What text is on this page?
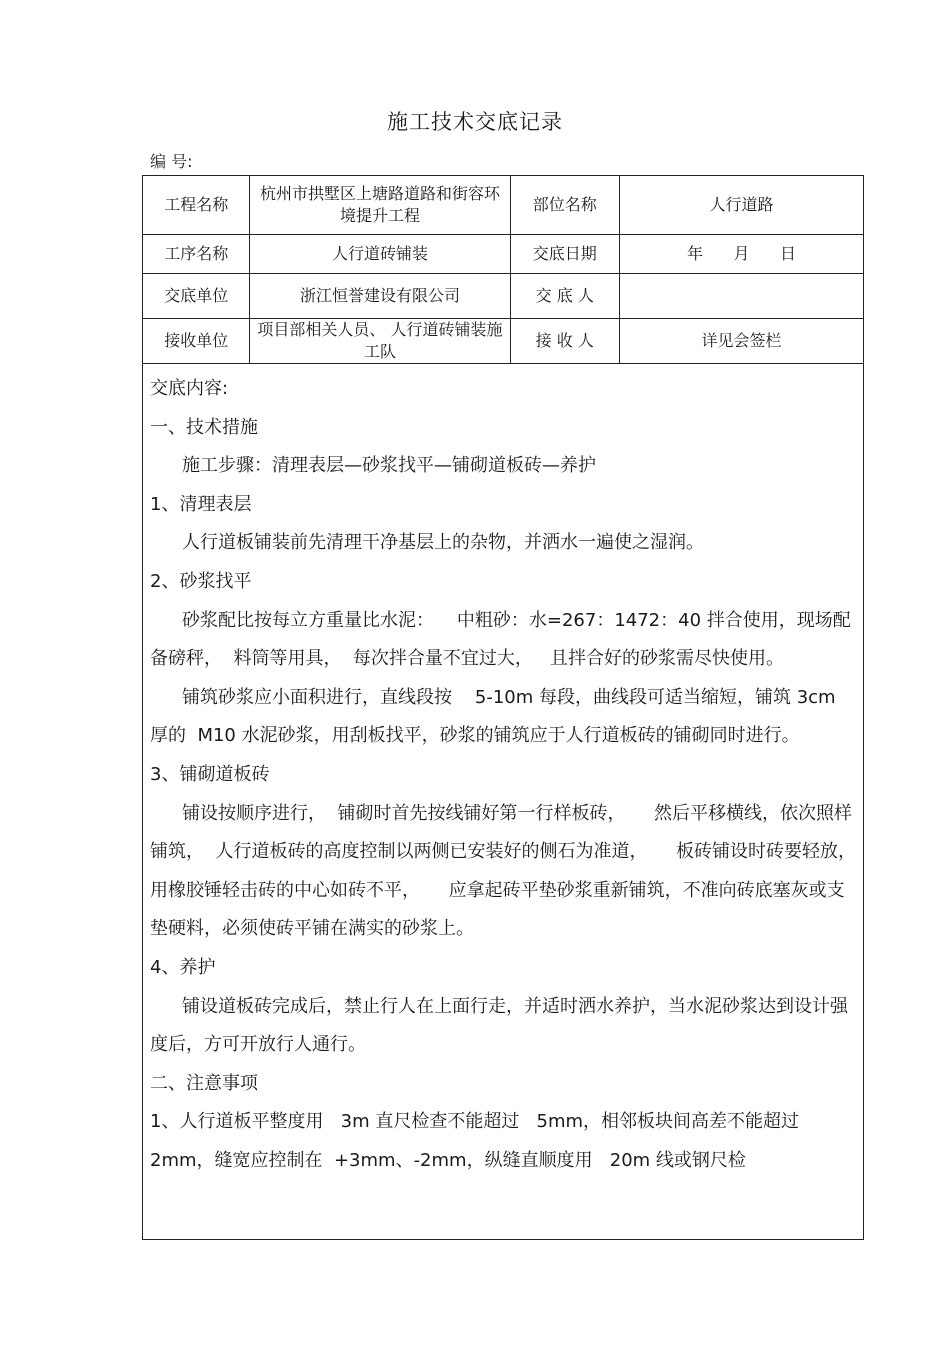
施工技术交底记录
编 号:
工程名称	杭州市拱墅区上塘路道路和街容环境提升工程	部位名称	人行道路
工序名称	人行道砖铺装	交底日期	年      月      日
交底单位	浙江恒誉建设有限公司	交 底 人	
接收单位	项目部相关人员、 人行道砖铺装施工队	接 收 人	详见会签栏

交底内容:

一、技术措施

施工步骤：清理表层—砂浆找平—铺砌道板砖—养护

1、清理表层

人行道板铺装前先清理干净基层上的杂物，并洒水一遍使之湿润。

2、砂浆找平

砂浆配比按每立方重量比水泥：    中粗砂：水=267：1472：40 拌合使用，现场配备磅秤，  料筒等用具，  每次拌合量不宜过大，   且拌合好的砂浆需尽快使用。

铺筑砂浆应小面积进行，直线段按    5-10m 每段，曲线段可适当缩短，铺筑 3cm 厚的  M10 水泥砂浆，用刮板找平，砂浆的铺筑应于人行道板砖的铺砌同时进行。

3、铺砌道板砖

铺设按顺序进行，  铺砌时首先按线铺好第一行样板砖，     然后平移横线，依次照样铺筑，  人行道板砖的高度控制以两侧已安装好的侧石为准道，     板砖铺设时砖要轻放，   用橡胶锤轻击砖的中心如砖不平，     应拿起砖平垫砂浆重新铺筑，不准向砖底塞灰或支垫硬料，必须使砖平铺在满实的砂浆上。

4、养护

铺设道板砖完成后，禁止行人在上面行走，并适时洒水养护，当水泥砂浆达到设计强度后，方可开放行人通行。

二、注意事项

1、人行道板平整度用   3m 直尺检查不能超过   5mm，相邻板块间高差不能超过 2mm，缝宽应控制在  +3mm、-2mm，纵缝直顺度用   20m 线或钢尺检
